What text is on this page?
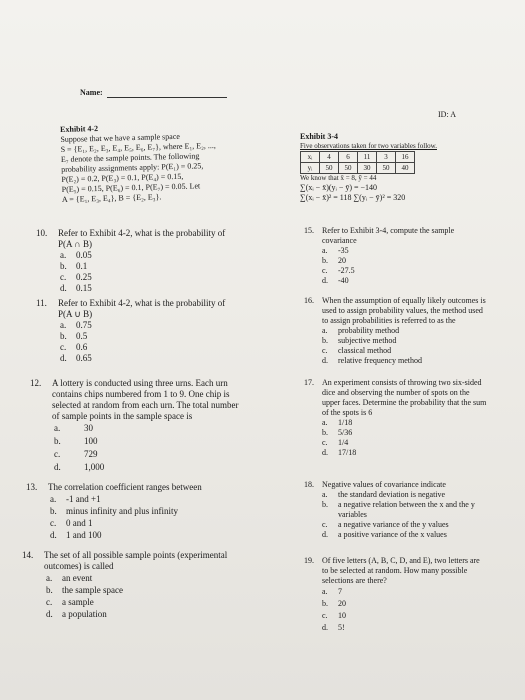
Name:
ID: A
Exhibit 4-2
Suppose that we have a sample space
S = {E₁, E₂, E₃, E₄, E₅, E₆, E₇}, where E₁, E₂, ...,
E₇ denote the sample points. The following
probability assignments apply: P(E₁) = 0.25,
P(E₂) = 0.2, P(E₃) = 0.1, P(E₄) = 0.15,
P(E₅) = 0.15, P(E₆) = 0.1, P(E₇) = 0.05. Let
A = {E₁, E₃, E₄}, B = {E₂, E₃}.
Exhibit 3-4
Five observations taken for two variables follow.
xᵢ	4	6	11	3	16
yᵢ	50	50	30	50	40
We know that x̄ = 8, ȳ = 44
∑(xᵢ − x̄)(yᵢ − ȳ) = −140
∑(xᵢ − x̄)² = 118 ∑(yᵢ − ȳ)² = 320
10.	Refer to Exhibit 4-2, what is the probability of
P(A ∩ B)
a.	0.05
b.	0.1
c.	0.25
d.	0.15
11.	Refer to Exhibit 4-2, what is the probability of
P(A ∪ B)
a.	0.75
b.	0.5
c.	0.6
d.	0.65
12.	A lottery is conducted using three urns. Each urn
contains chips numbered from 1 to 9. One chip is
selected at random from each urn. The total number
of sample points in the sample space is
a.	30
b.	100
c.	729
d.	1,000
13.	The correlation coefficient ranges between
a.	-1 and +1
b.	minus infinity and plus infinity
c.	0 and 1
d.	1 and 100
14.	The set of all possible sample points (experimental
outcomes) is called
a.	an event
b.	the sample space
c.	a sample
d.	a population
15.	Refer to Exhibit 3-4, compute the sample
covariance
a.	-35
b.	20
c.	-27.5
d.	-40
16.	When the assumption of equally likely outcomes is
used to assign probability values, the method used
to assign probabilities is referred to as the
a.	probability method
b.	subjective method
c.	classical method
d.	relative frequency method
17.	An experiment consists of throwing two six-sided
dice and observing the number of spots on the
upper faces. Determine the probability that the sum
of the spots is 6
a.	1/18
b.	5/36
c.	1/4
d.	17/18
18.	Negative values of covariance indicate
a.	the standard deviation is negative
b.	a negative relation between the x and the y variables
c.	a negative variance of the y values
d.	a positive variance of the x values
19.	Of five letters (A, B, C, D, and E), two letters are
to be selected at random. How many possible
selections are there?
a.	7
b.	20
c.	10
d.	5!
